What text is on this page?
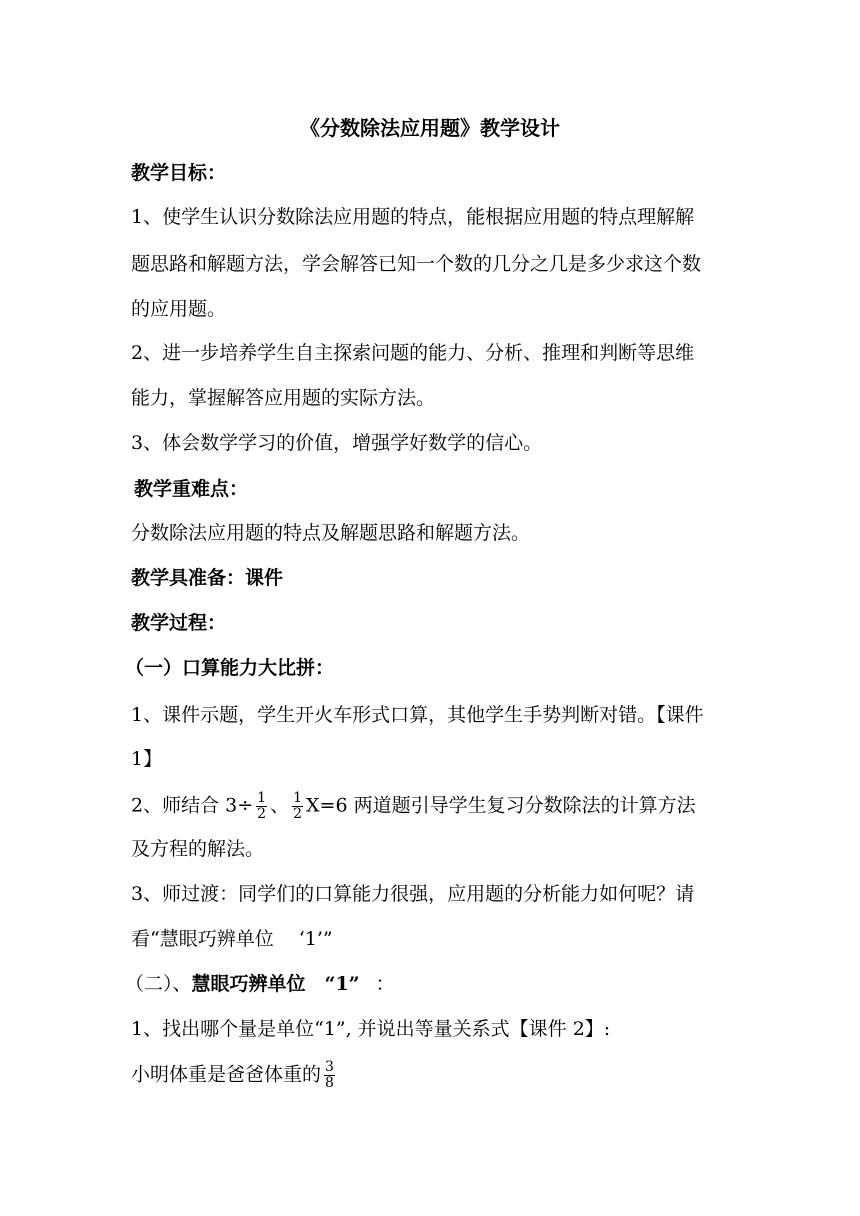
《分数除法应用题》教学设计
教学目标：
1、使学生认识分数除法应用题的特点，能根据应用题的特点理解解
题思路和解题方法，学会解答已知一个数的几分之几是多少求这个数
的应用题。
2、进一步培养学生自主探索问题的能力、分析、推理和判断等思维
能力，掌握解答应用题的实际方法。
3、体会数学学习的价值，增强学好数学的信心。
教学重难点：
分数除法应用题的特点及解题思路和解题方法。
教学具准备：课件
教学过程：
（一）口算能力大比拼：
1、课件示题，学生开火车形式口算，其他学生手势判断对错。【课件
1】
2、师结合 $3\div \frac{1}{2}$ 、 $\frac{1}{2} X=6$ 两道题引导学生复习分数除法的计算方法
及方程的解法。
3、师过渡：同学们的口算能力很强，应用题的分析能力如何呢？请
看“慧眼巧辨单位　 ‘1’”
（二）、慧眼巧辨单位　“1” ：
1、找出哪个量是单位“1”, 并说出等量关系式【课件 2】:
小明体重是爸爸体重的 $\frac{3}{8}$
